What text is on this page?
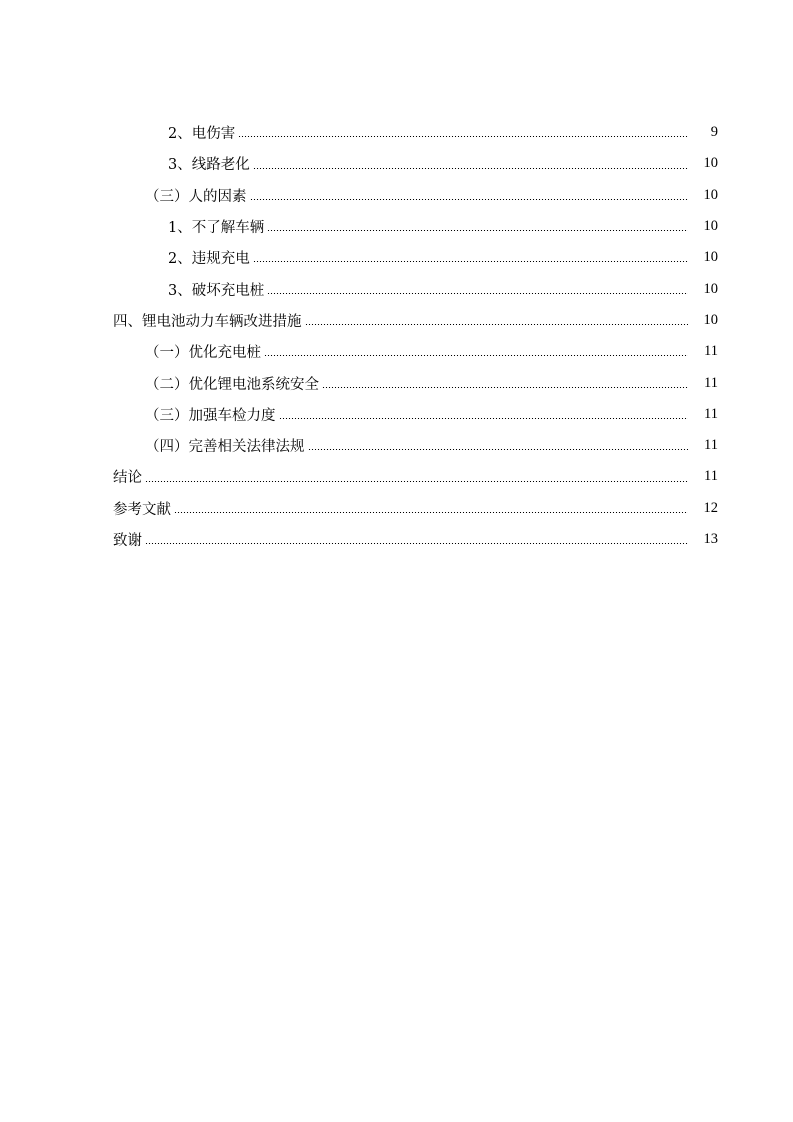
2、电伤害	9
3、线路老化	10
（三）人的因素	10
1、不了解车辆	10
2、违规充电	10
3、破坏充电桩	10
四、锂电池动力车辆改进措施	10
（一）优化充电桩	11
（二）优化锂电池系统安全	11
（三）加强车检力度	11
（四）完善相关法律法规	11
结论	11
参考文献	12
致谢	13
